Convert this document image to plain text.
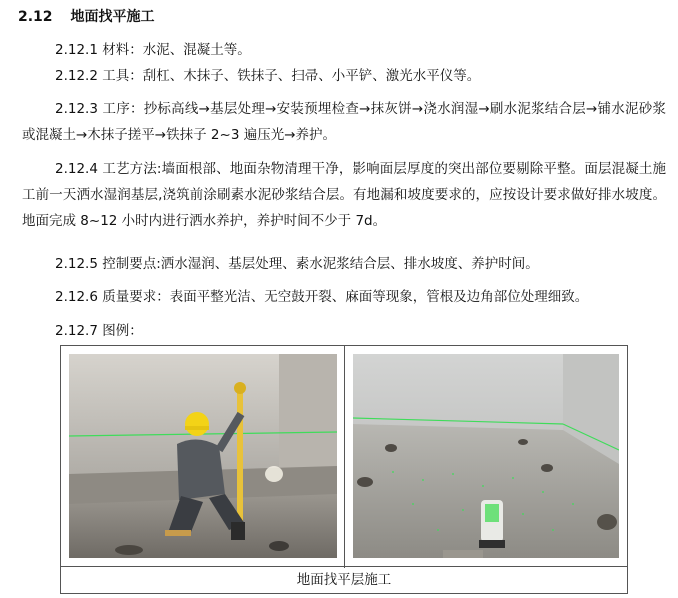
2.12 地面找平施工

2.12.1 材料：水泥、混凝土等。

2.12.2 工具：刮杠、木抹子、铁抹子、扫帚、小平铲、激光水平仪等。

2.12.3 工序：抄标高线→基层处理→安装预埋检查→抹灰饼→浇水润湿→刷水泥浆结合层→铺水泥砂浆或混凝土→木抹子搓平→铁抹子 2~3 遍压光→养护。

2.12.4 工艺方法:墙面根部、地面杂物清理干净，影响面层厚度的突出部位要剔除平整。面层混凝土施工前一天洒水湿润基层,浇筑前涂刷素水泥砂浆结合层。有地漏和坡度要求的，应按设计要求做好排水坡度。地面完成 8~12 小时内进行洒水养护，养护时间不少于 7d。

2.12.5 控制要点:洒水湿润、基层处理、素水泥浆结合层、排水坡度、养护时间。

2.12.6 质量要求：表面平整光洁、无空鼓开裂、麻面等现象，管根及边角部位处理细致。

2.12.7 图例：

地面找平层施工
